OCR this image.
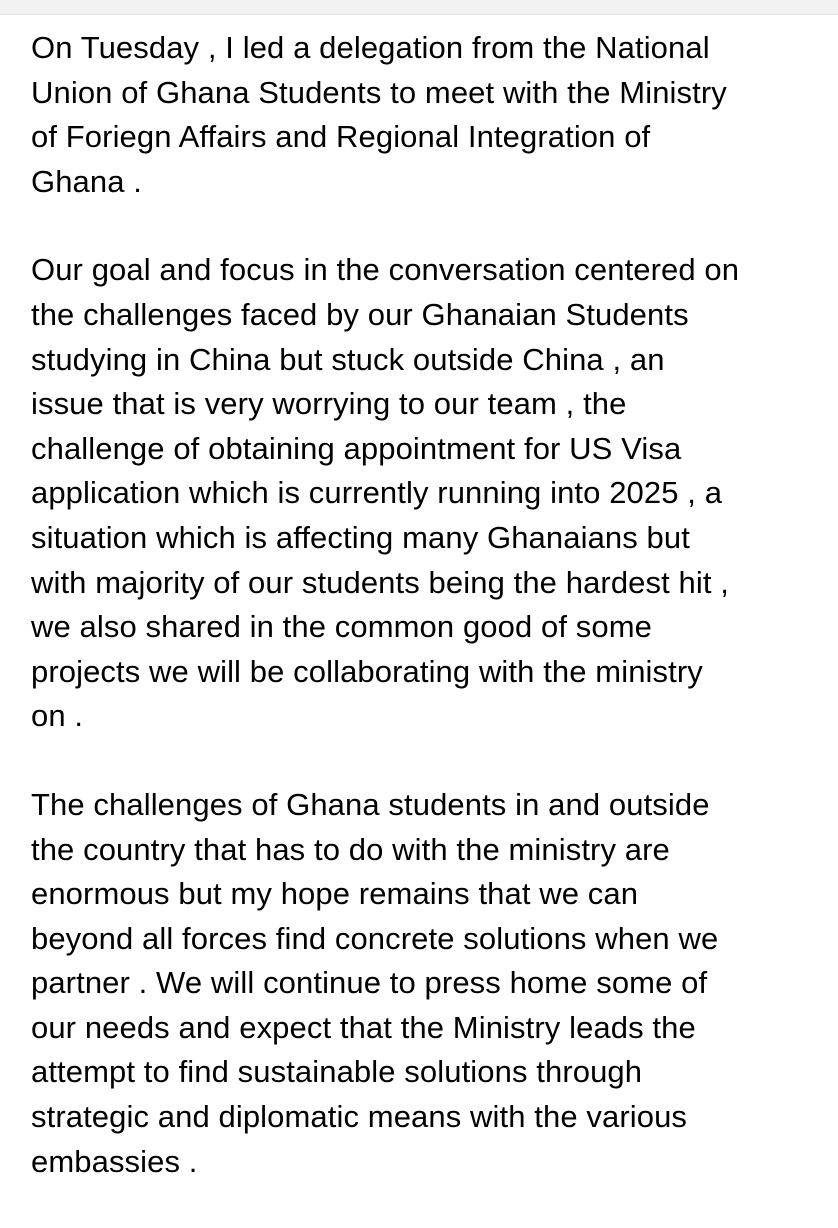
On Tuesday , I led a delegation from the National
Union of Ghana Students to meet with the Ministry
of Foriegn Affairs and Regional Integration of
Ghana .

Our goal and focus in the conversation centered on
the challenges faced by our Ghanaian Students
studying in China but stuck outside China , an
issue that is very worrying to our team , the
challenge of obtaining appointment for US Visa
application which is currently running into 2025 , a
situation which is affecting many Ghanaians but
with majority of our students being the hardest hit ,
we also shared in the common good of some
projects we will be collaborating with the ministry
on .

The challenges of Ghana students in and outside
the country that has to do with the ministry are
enormous but my hope remains that we can
beyond all forces find concrete solutions when we
partner . We will continue to press home some of
our needs and expect that the Ministry leads the
attempt to find sustainable solutions through
strategic and diplomatic means with the various
embassies .
